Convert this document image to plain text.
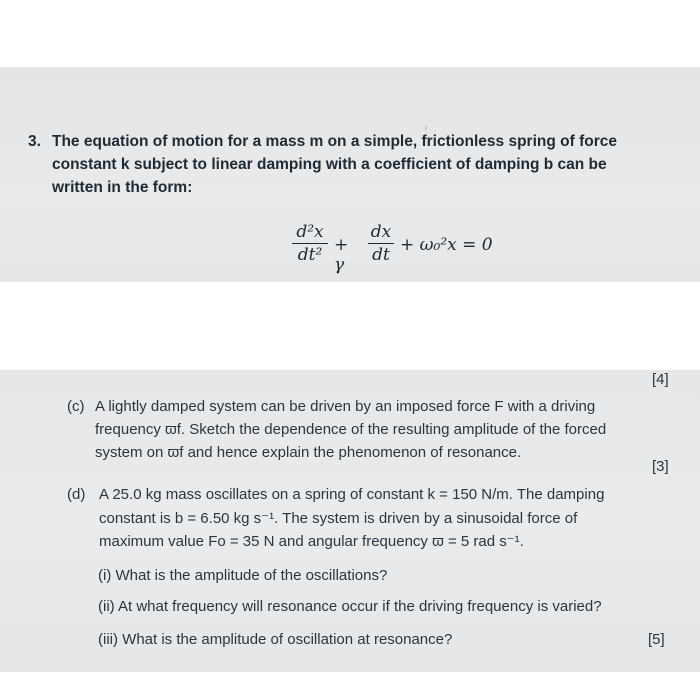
3. The equation of motion for a mass m on a simple, frictionless spring of force
constant k subject to linear damping with a coefficient of damping b can be
written in the form:
d²x
dt² + γ
dx
dt + ω₀²x = 0
[4]
(c) A lightly damped system can be driven by an imposed force F with a driving
frequency ϖf. Sketch the dependence of the resulting amplitude of the forced
system on ϖf and hence explain the phenomenon of resonance.
[3]
(d) A 25.0 kg mass oscillates on a spring of constant k = 150 N/m. The damping
constant is b = 6.50 kg s⁻¹. The system is driven by a sinusoidal force of
maximum value Fo = 35 N and angular frequency ϖ = 5 rad s⁻¹.
(i) What is the amplitude of the oscillations?
(ii) At what frequency will resonance occur if the driving frequency is varied?
(iii) What is the amplitude of oscillation at resonance?	[5]
